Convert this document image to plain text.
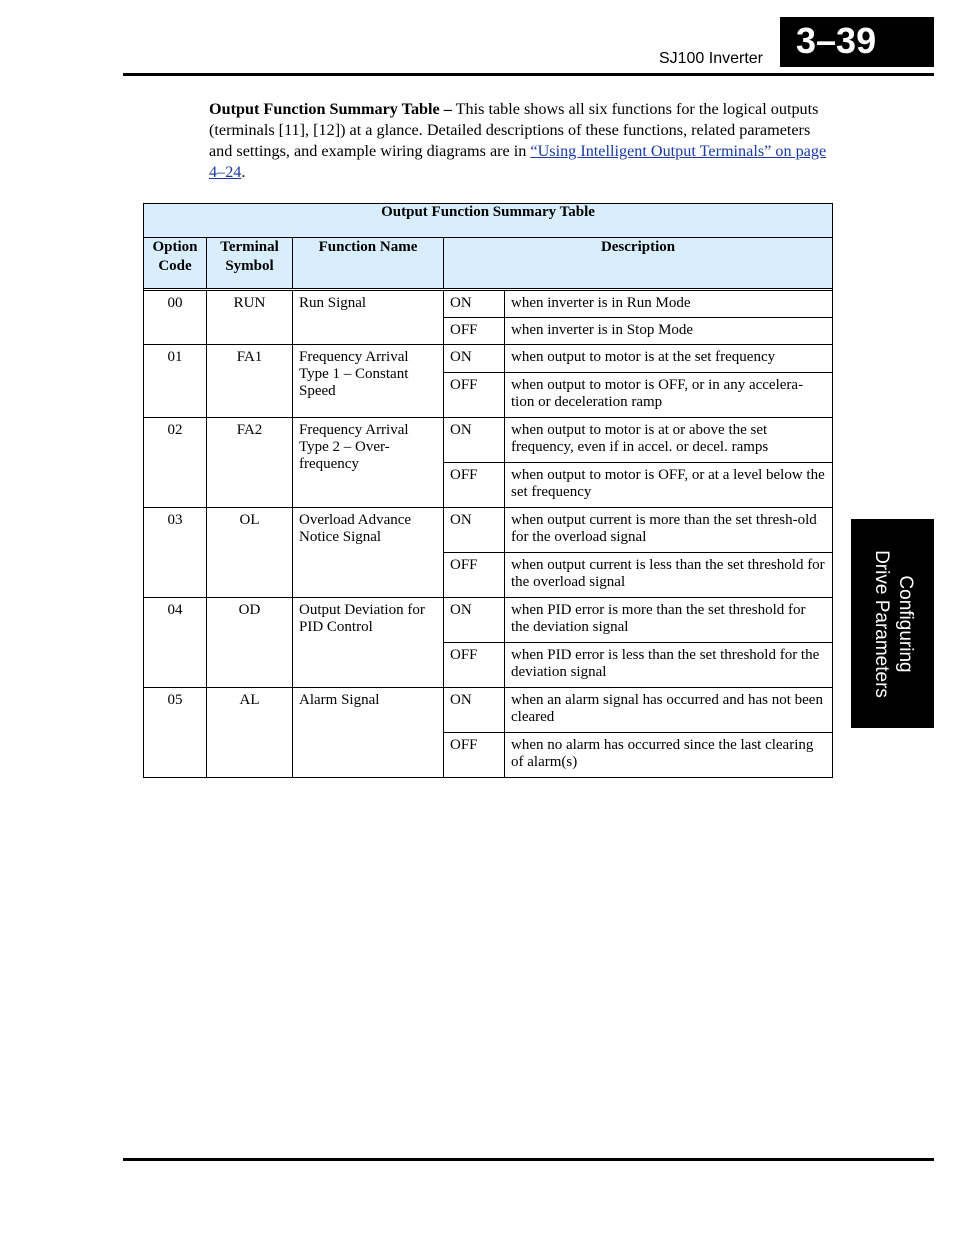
SJ100 Inverter 3–39
Configuring
Drive Parameters
Output Function Summary Table – This table shows all six functions for the logical outputs (terminals [11], [12]) at a glance. Detailed descriptions of these functions, related parameters and settings, and example wiring diagrams are in “Using Intelligent Output Terminals” on page 4–24.
Output Function Summary Table				
Option Code	Terminal Symbol	Function Name	Description	

00	RUN	Run Signal	ON	when inverter is in Run Mode
			OFF	when inverter is in Stop Mode
01	FA1	Frequency Arrival Type 1 – Constant Speed	ON	when output to motor is at the set frequency
			OFF	when output to motor is OFF, or in any accelera-tion or deceleration ramp
02	FA2	Frequency Arrival Type 2 – Over-frequency	ON	when output to motor is at or above the set frequency, even if in accel. or decel. ramps
			OFF	when output to motor is OFF, or at a level below the set frequency
03	OL	Overload Advance Notice Signal	ON	when output current is more than the set thresh-old for the overload signal
			OFF	when output current is less than the set threshold for the overload signal
04	OD	Output Deviation for PID Control	ON	when PID error is more than the set threshold for the deviation signal
			OFF	when PID error is less than the set threshold for the deviation signal
05	AL	Alarm Signal	ON	when an alarm signal has occurred and has not been cleared
			OFF	when no alarm has occurred since the last clearing of alarm(s)
